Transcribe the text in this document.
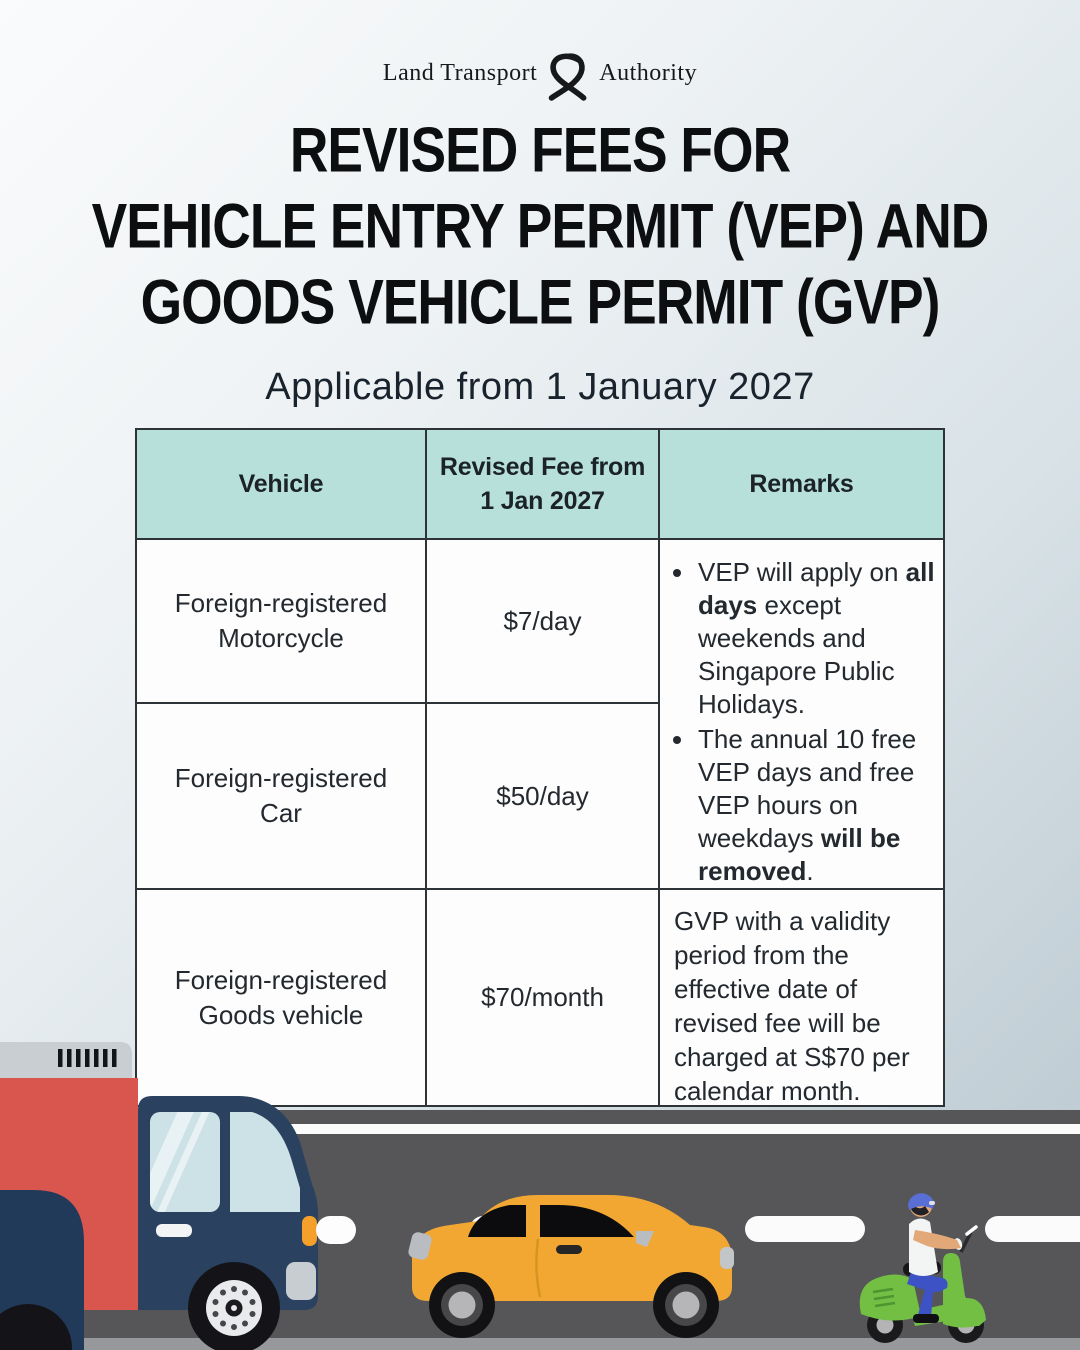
Land Transport	Authority
REVISED FEES FOR
VEHICLE ENTRY PERMIT (VEP) AND
GOODS VEHICLE PERMIT (GVP)

Applicable from 1 January 2027

Vehicle
Revised Fee from
1 Jan 2027
Remarks
Foreign-registered Motorcycle
$7/day
• VEP will apply on all days except weekends and Singapore Public Holidays.
• The annual 10 free VEP days and free VEP hours on weekdays will be removed.
Foreign-registered Car
$50/day
Foreign-registered Goods vehicle
$70/month
GVP with a validity period from the effective date of revised fee will be charged at S$70 per calendar month.
